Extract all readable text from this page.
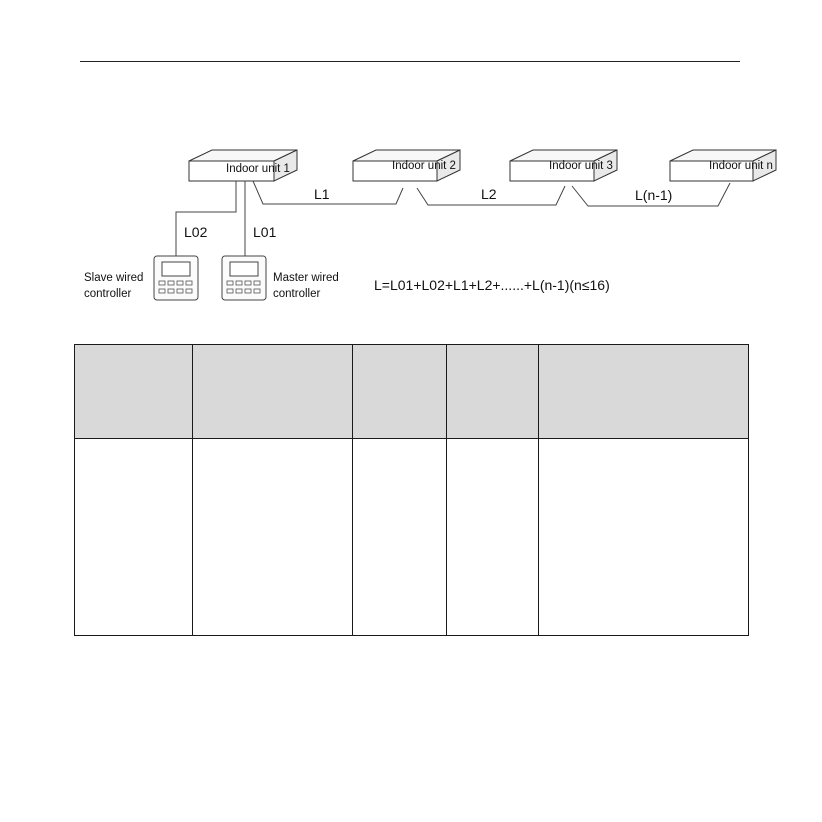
Indoor unit 1	Indoor unit 2	Indoor unit 3	Indoor unit n
L1	L2	L(n-1)
L02	L01
Slave wired
controller
Master wired
controller
L=L01+L02+L1+L2+......+L(n-1)(n≤16)
